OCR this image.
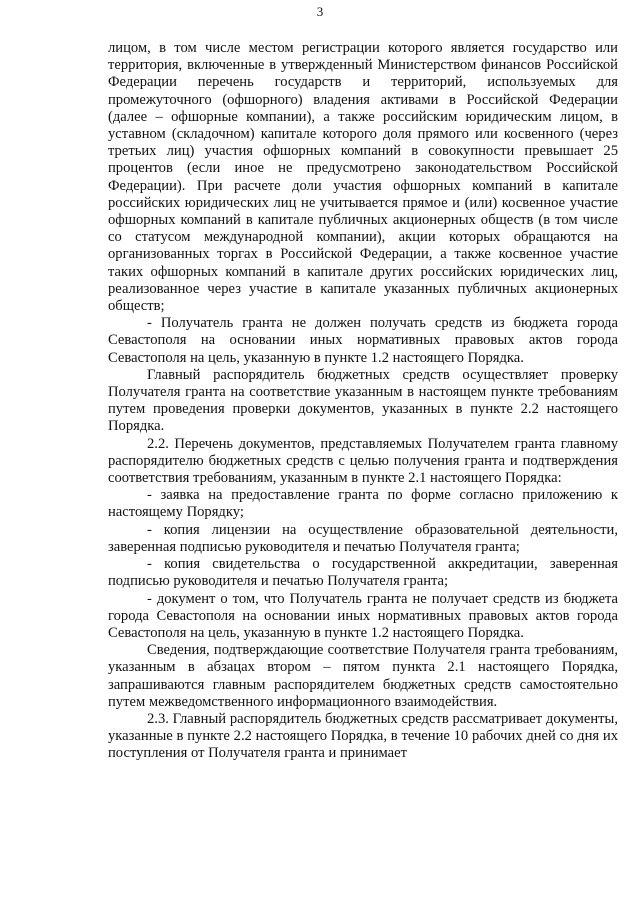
3

лицом, в том числе местом регистрации которого является государство или территория, включенные в утвержденный Министерством финансов Российской Федерации перечень государств и территорий, используемых для промежуточного (офшорного) владения активами в Российской Федерации (далее – офшорные компании), а также российским юридическим лицом, в уставном (складочном) капитале которого доля прямого или косвенного (через третьих лиц) участия офшорных компаний в совокупности превышает 25 процентов (если иное не предусмотрено законодательством Российской Федерации). При расчете доли участия офшорных компаний в капитале российских юридических лиц не учитывается прямое и (или) косвенное участие офшорных компаний в капитале публичных акционерных обществ (в том числе со статусом международной компании), акции которых обращаются на организованных торгах в Российской Федерации, а также косвенное участие таких офшорных компаний в капитале других российских юридических лиц, реализованное через участие в капитале указанных публичных акционерных обществ;

- Получатель гранта не должен получать средств из бюджета города Севастополя на основании иных нормативных правовых актов города Севастополя на цель, указанную в пункте 1.2 настоящего Порядка.

Главный распорядитель бюджетных средств осуществляет проверку Получателя гранта на соответствие указанным в настоящем пункте требованиям путем проведения проверки документов, указанных в пункте 2.2 настоящего Порядка.

2.2. Перечень документов, представляемых Получателем гранта главному распорядителю бюджетных средств с целью получения гранта и подтверждения соответствия требованиям, указанным в пункте 2.1 настоящего Порядка:

- заявка на предоставление гранта по форме согласно приложению к настоящему Порядку;

- копия лицензии на осуществление образовательной деятельности, заверенная подписью руководителя и печатью Получателя гранта;

- копия свидетельства о государственной аккредитации, заверенная подписью руководителя и печатью Получателя гранта;

- документ о том, что Получатель гранта не получает средств из бюджета города Севастополя на основании иных нормативных правовых актов города Севастополя на цель, указанную в пункте 1.2 настоящего Порядка.

Сведения, подтверждающие соответствие Получателя гранта требованиям, указанным в абзацах втором – пятом пункта 2.1 настоящего Порядка, запрашиваются главным распорядителем бюджетных средств самостоятельно путем межведомственного информационного взаимодействия.

2.3. Главный распорядитель бюджетных средств рассматривает документы, указанные в пункте 2.2 настоящего Порядка, в течение 10 рабочих дней со дня их поступления от Получателя гранта и принимает
